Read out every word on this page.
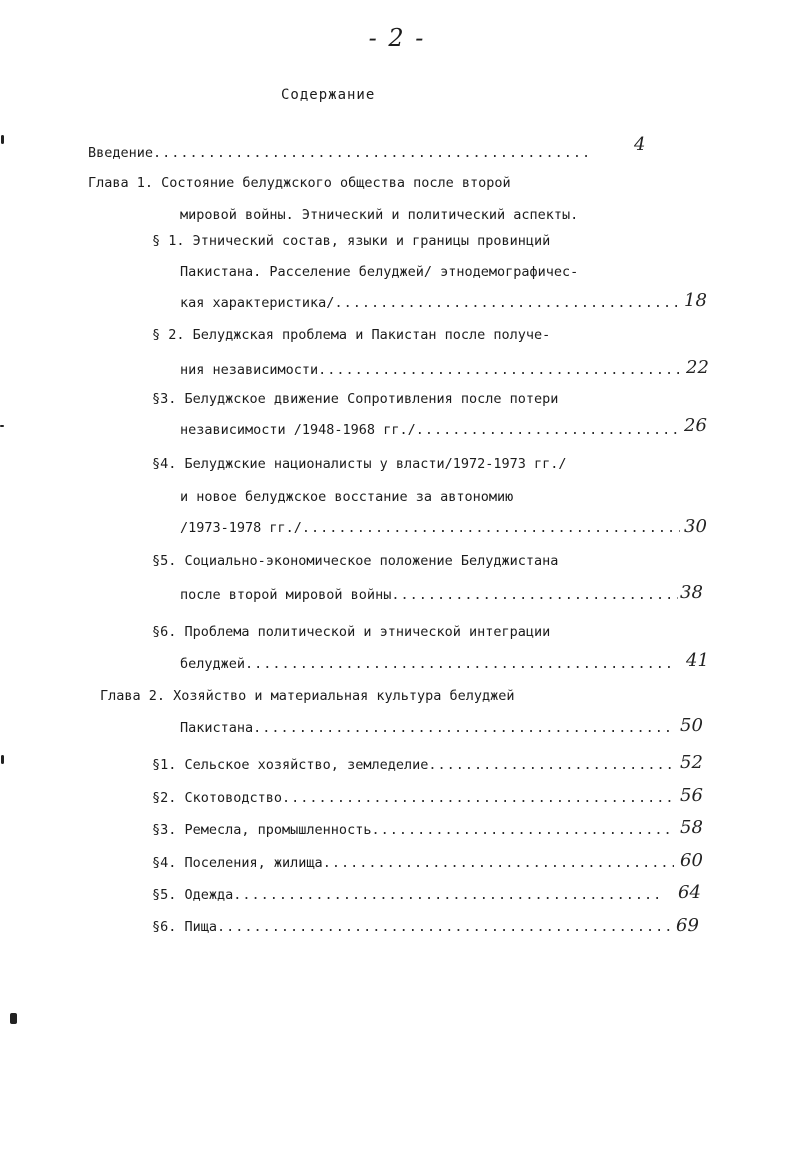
- 2 -
Содержание
Введение .....	4
Глава 1. Состояние белуджского общества после второй
мировой войны. Этнический и политический аспекты.
§ 1. Этнический состав, языки и границы провинций
Пакистана. Расселение белуджей/ этнодемографичес-
кая характеристика/ .....	18
§ 2. Белуджская проблема и Пакистан после получе-
ния независимости .....	22
§3. Белуджское движение Сопротивления после потери
независимости /1948-1968 гг./ .....	26
§4. Белуджские националисты у власти/1972-1973 гг./
и новое белуджское восстание за автономию
/1973-1978 гг./ .....	30
§5. Социально-экономическое положение Белуджистана
после второй мировой войны .....	38
§6. Проблема политической и этнической интеграции
белуджей .....	41
Глава 2. Хозяйство и материальная культура белуджей
Пакистана .....	50
§1. Сельское хозяйство, земледелие .....	52
§2. Скотоводство .....	56
§3. Ремесла, промышленность .....	58
§4. Поселения, жилища .....	60
§5. Одежда .....	64
§6. Пища .....	69
